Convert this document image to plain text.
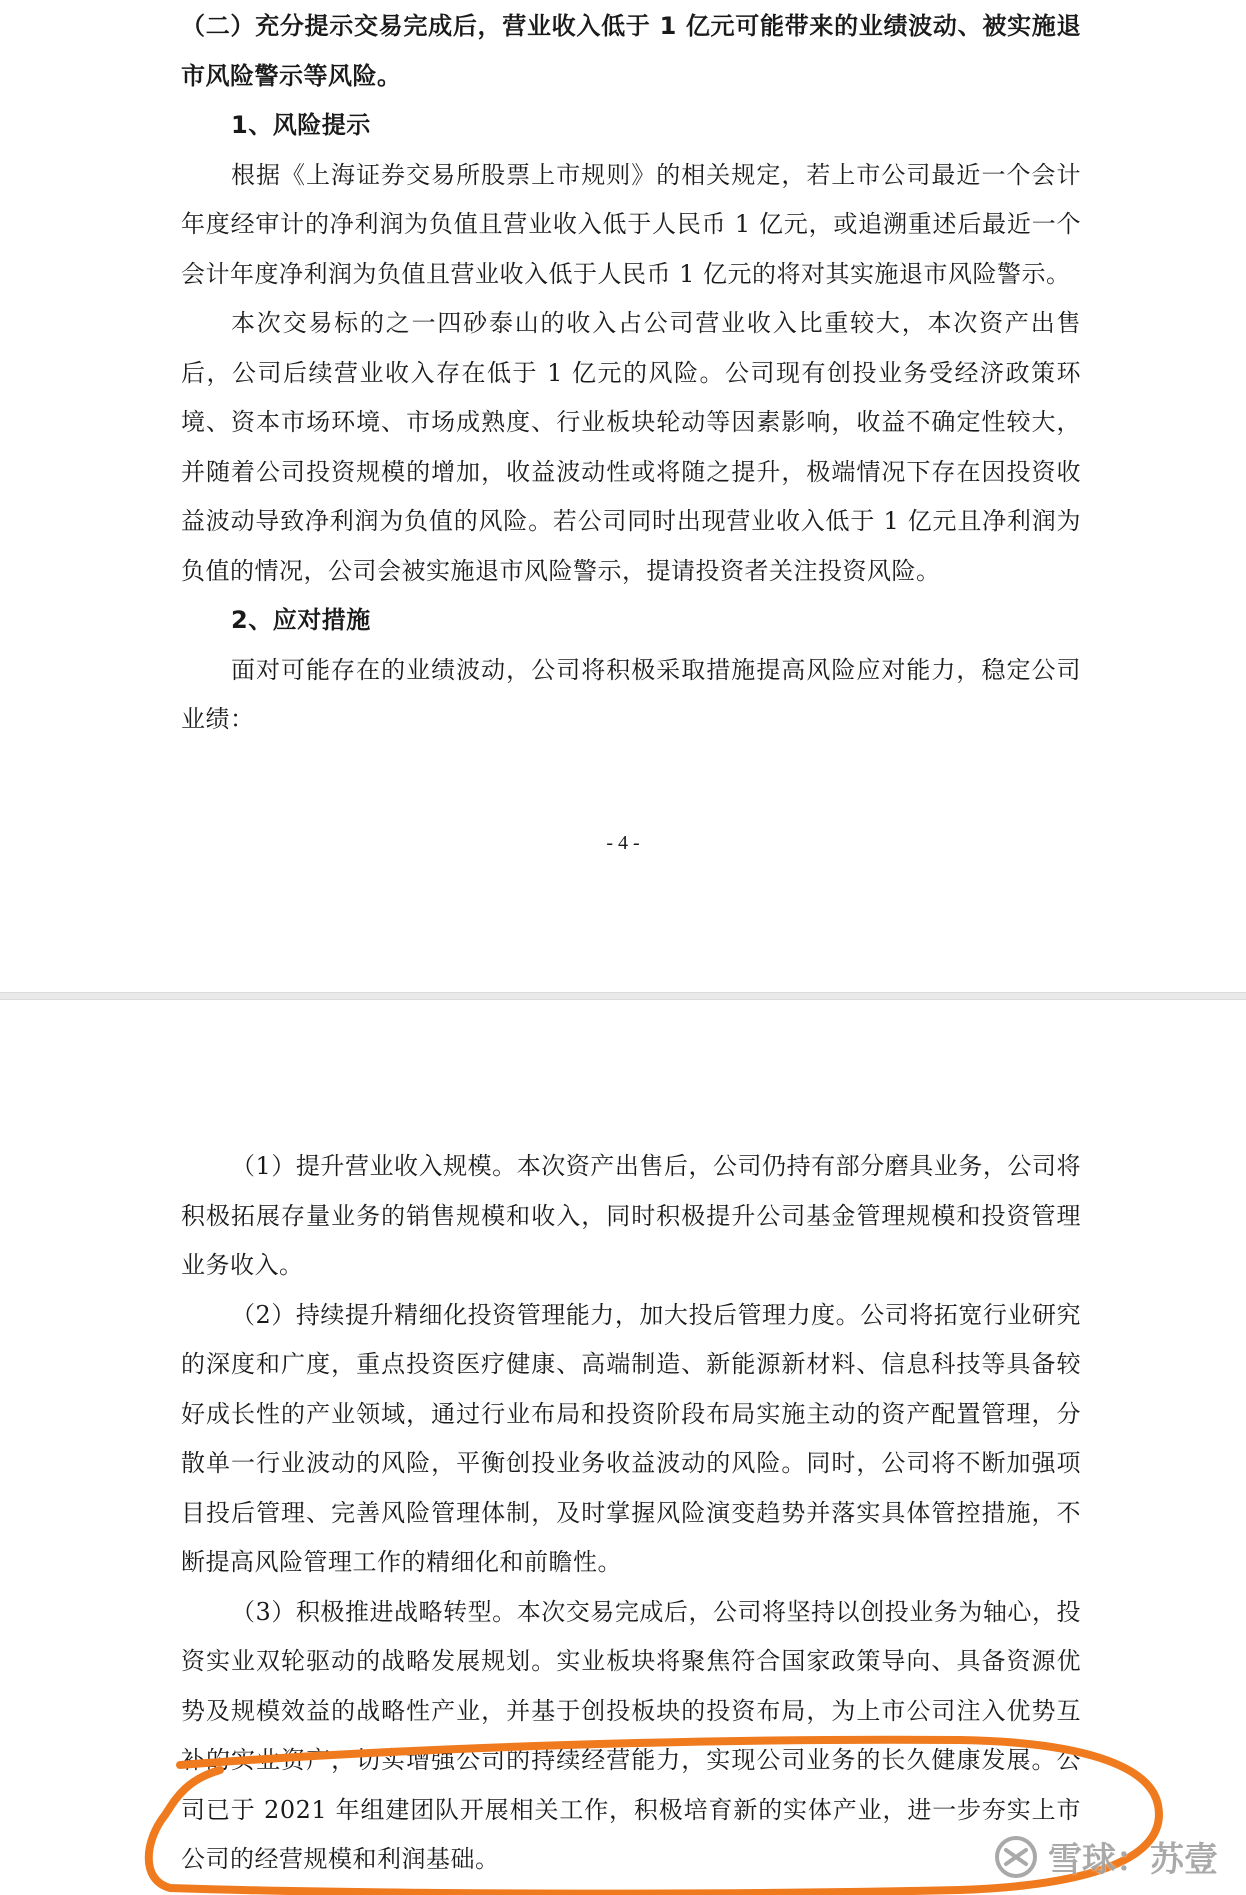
（二）充分提示交易完成后，营业收入低于 1 亿元可能带来的业绩波动、被实施退市风险警示等风险。

1、风险提示

根据《上海证券交易所股票上市规则》的相关规定，若上市公司最近一个会计年度经审计的净利润为负值且营业收入低于人民币 1 亿元，或追溯重述后最近一个会计年度净利润为负值且营业收入低于人民币 1 亿元的将对其实施退市风险警示。

本次交易标的之一四砂泰山的收入占公司营业收入比重较大，本次资产出售后，公司后续营业收入存在低于 1 亿元的风险。公司现有创投业务受经济政策环境、资本市场环境、市场成熟度、行业板块轮动等因素影响，收益不确定性较大，并随着公司投资规模的增加，收益波动性或将随之提升，极端情况下存在因投资收益波动导致净利润为负值的风险。若公司同时出现营业收入低于 1 亿元且净利润为负值的情况，公司会被实施退市风险警示，提请投资者关注投资风险。

2、应对措施

面对可能存在的业绩波动，公司将积极采取措施提高风险应对能力，稳定公司业绩：

- 4 -

（1）提升营业收入规模。本次资产出售后，公司仍持有部分磨具业务，公司将积极拓展存量业务的销售规模和收入，同时积极提升公司基金管理规模和投资管理业务收入。

（2）持续提升精细化投资管理能力，加大投后管理力度。公司将拓宽行业研究的深度和广度，重点投资医疗健康、高端制造、新能源新材料、信息科技等具备较好成长性的产业领域，通过行业布局和投资阶段布局实施主动的资产配置管理，分散单一行业波动的风险，平衡创投业务收益波动的风险。同时，公司将不断加强项目投后管理、完善风险管理体制，及时掌握风险演变趋势并落实具体管控措施，不断提高风险管理工作的精细化和前瞻性。

（3）积极推进战略转型。本次交易完成后，公司将坚持以创投业务为轴心，投资实业双轮驱动的战略发展规划。实业板块将聚焦符合国家政策导向、具备资源优势及规模效益的战略性产业，并基于创投板块的投资布局，为上市公司注入优势互补的实业资产，切实增强公司的持续经营能力，实现公司业务的长久健康发展。公司已于 2021 年组建团队开展相关工作，积极培育新的实体产业，进一步夯实上市公司的经营规模和利润基础。	雪球：苏壹
